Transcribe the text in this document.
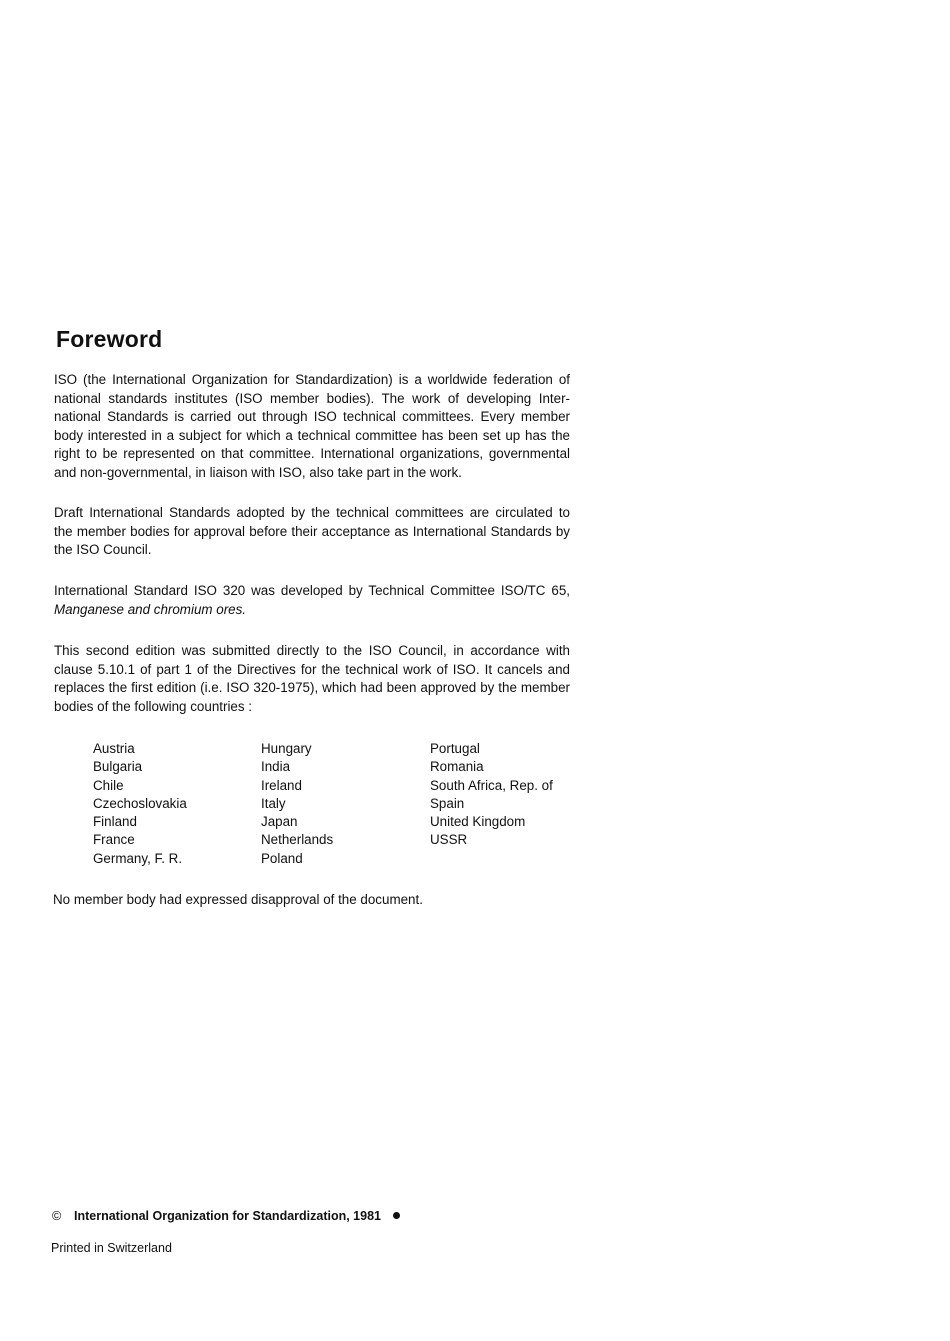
Foreword

ISO (the International Organization for Standardization) is a worldwide federation of
national standards institutes (ISO member bodies). The work of developing Inter-
national Standards is carried out through ISO technical committees. Every member
body interested in a subject for which a technical committee has been set up has the
right to be represented on that committee. International organizations, governmental
and non-governmental, in liaison with ISO, also take part in the work.

Draft International Standards adopted by the technical committees are circulated to
the member bodies for approval before their acceptance as International Standards by
the ISO Council.

International Standard ISO 320 was developed by Technical Committee ISO/TC 65,
Manganese and chromium ores.

This second edition was submitted directly to the ISO Council, in accordance with
clause 5.10.1 of part 1 of the Directives for the technical work of ISO. It cancels and
replaces the first edition (i.e. ISO 320-1975), which had been approved by the member
bodies of the following countries :

Austria
Bulgaria
Chile
Czechoslovakia
Finland
France
Germany, F. R.
Hungary
India
Ireland
Italy
Japan
Netherlands
Poland
Portugal
Romania
South Africa, Rep. of
Spain
United Kingdom
USSR

No member body had expressed disapproval of the document.

© International Organization for Standardization, 1981
Printed in Switzerland
